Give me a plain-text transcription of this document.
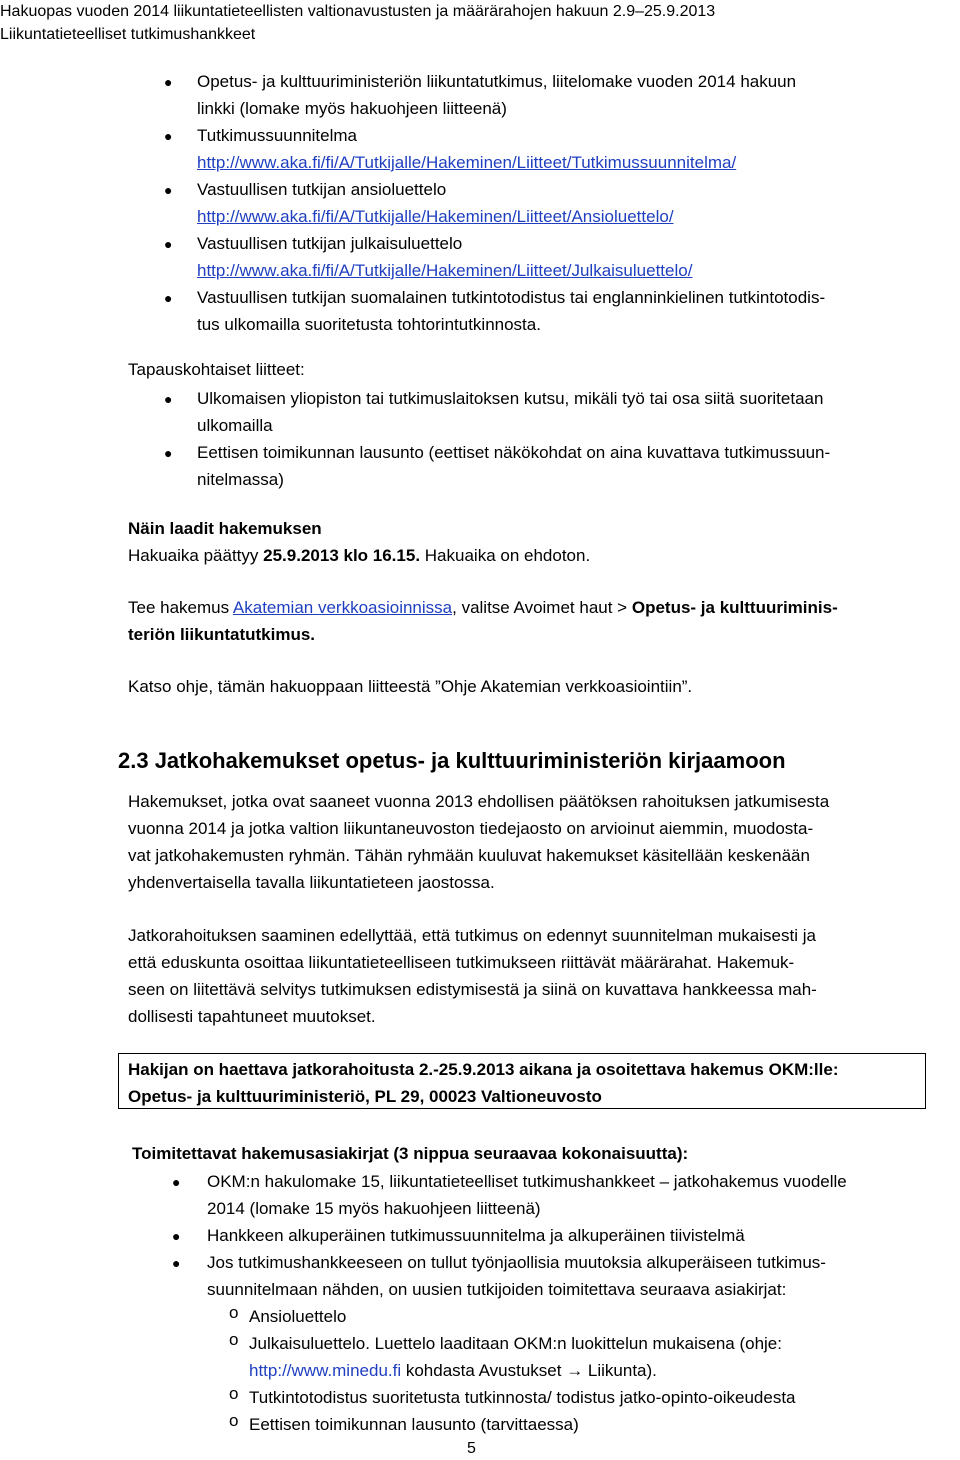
Hakuopas vuoden 2014 liikuntatieteellisten valtionavustusten ja määrärahojen hakuun 2.9–25.9.2013
Liikuntatieteelliset tutkimushankkeet
● Opetus- ja kulttuuriministeriön liikuntatutkimus, liitelomake vuoden 2014 hakuun
linkki (lomake myös hakuohjeen liitteenä)
● Tutkimussuunnitelma
http://www.aka.fi/fi/A/Tutkijalle/Hakeminen/Liitteet/Tutkimussuunnitelma/
● Vastuullisen tutkijan ansioluettelo
http://www.aka.fi/fi/A/Tutkijalle/Hakeminen/Liitteet/Ansioluettelo/
● Vastuullisen tutkijan julkaisuluettelo
http://www.aka.fi/fi/A/Tutkijalle/Hakeminen/Liitteet/Julkaisuluettelo/
● Vastuullisen tutkijan suomalainen tutkintotodistus tai englanninkielinen tutkintotodis-
tus ulkomailla suoritetusta tohtorintutkinnosta.
Tapauskohtaiset liitteet:
● Ulkomaisen yliopiston tai tutkimuslaitoksen kutsu, mikäli työ tai osa siitä suoritetaan
ulkomailla
● Eettisen toimikunnan lausunto (eettiset näkökohdat on aina kuvattava tutkimussuun-
nitelmassa)
Näin laadit hakemuksen
Hakuaika päättyy 25.9.2013 klo 16.15. Hakuaika on ehdoton.
Tee hakemus Akatemian verkkoasioinnissa, valitse Avoimet haut > Opetus- ja kulttuuriminis-
teriön liikuntatutkimus.
Katso ohje, tämän hakuoppaan liitteestä ”Ohje Akatemian verkkoasiointiin”.
2.3 Jatkohakemukset opetus- ja kulttuuriministeriön kirjaamoon
Hakemukset, jotka ovat saaneet vuonna 2013 ehdollisen päätöksen rahoituksen jatkumisesta
vuonna 2014 ja jotka valtion liikuntaneuvoston tiedejaosto on arvioinut aiemmin, muodosta-
vat jatkohakemusten ryhmän. Tähän ryhmään kuuluvat hakemukset käsitellään keskenään
yhdenvertaisella tavalla liikuntatieteen jaostossa.
Jatkorahoituksen saaminen edellyttää, että tutkimus on edennyt suunnitelman mukaisesti ja
että eduskunta osoittaa liikuntatieteelliseen tutkimukseen riittävät määrärahat. Hakemuk-
seen on liitettävä selvitys tutkimuksen edistymisestä ja siinä on kuvattava hankkeessa mah-
dollisesti tapahtuneet muutokset.
Hakijan on haettava jatkorahoitusta 2.-25.9.2013 aikana ja osoitettava hakemus OKM:lle:
Opetus- ja kulttuuriministeriö, PL 29, 00023 Valtioneuvosto
Toimitettavat hakemusasiakirjat (3 nippua seuraavaa kokonaisuutta):
● OKM:n hakulomake 15, liikuntatieteelliset tutkimushankkeet – jatkohakemus vuodelle
2014 (lomake 15 myös hakuohjeen liitteenä)
● Hankkeen alkuperäinen tutkimussuunnitelma ja alkuperäinen tiivistelmä
● Jos tutkimushankkeeseen on tullut työnjaollisia muutoksia alkuperäiseen tutkimus-
suunnitelmaan nähden, on uusien tutkijoiden toimitettava seuraava asiakirjat:
o Ansioluettelo
o Julkaisuluettelo. Luettelo laaditaan OKM:n luokittelun mukaisena (ohje:
http://www.minedu.fi kohdasta Avustukset → Liikunta).
o Tutkintotodistus suoritetusta tutkinnosta/ todistus jatko-opinto-oikeudesta
o Eettisen toimikunnan lausunto (tarvittaessa)
5
